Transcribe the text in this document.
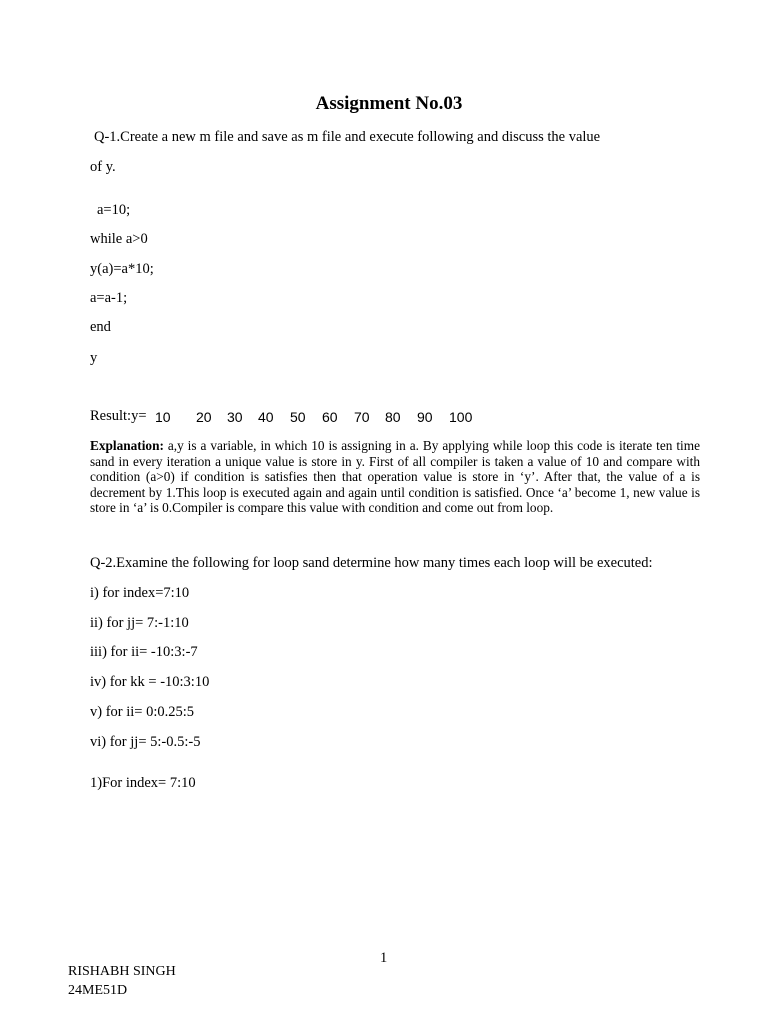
Assignment No.03
Q-1.Create a new m file and save as m file and execute following and discuss the value
of y.
a=10;
while a>0
y(a)=a*10;
a=a-1;
end
y
Result:y= 10 20 30 40 50 60 70 80 90 100
Explanation: a,y is a variable, in which 10 is assigning in a. By applying while loop this code is iterate ten time sand in every iteration a unique value is store in y. First of all compiler is taken a value of 10 and compare with condition (a>0) if condition is satisfies then that operation value is store in ‘y’. After that, the value of a is decrement by 1.This loop is executed again and again until condition is satisfied. Once ‘a’ become 1, new value is store in ‘a’ is 0.Compiler is compare this value with condition and come out from loop.
Q-2.Examine the following for loop sand determine how many times each loop will be executed:
i) for index=7:10
ii) for jj= 7:-1:10
iii) for ii= -10:3:-7
iv) for kk = -10:3:10
v) for ii= 0:0.25:5
vi) for jj= 5:-0.5:-5
1)For index= 7:10
1
RISHABH SINGH
24ME51D
